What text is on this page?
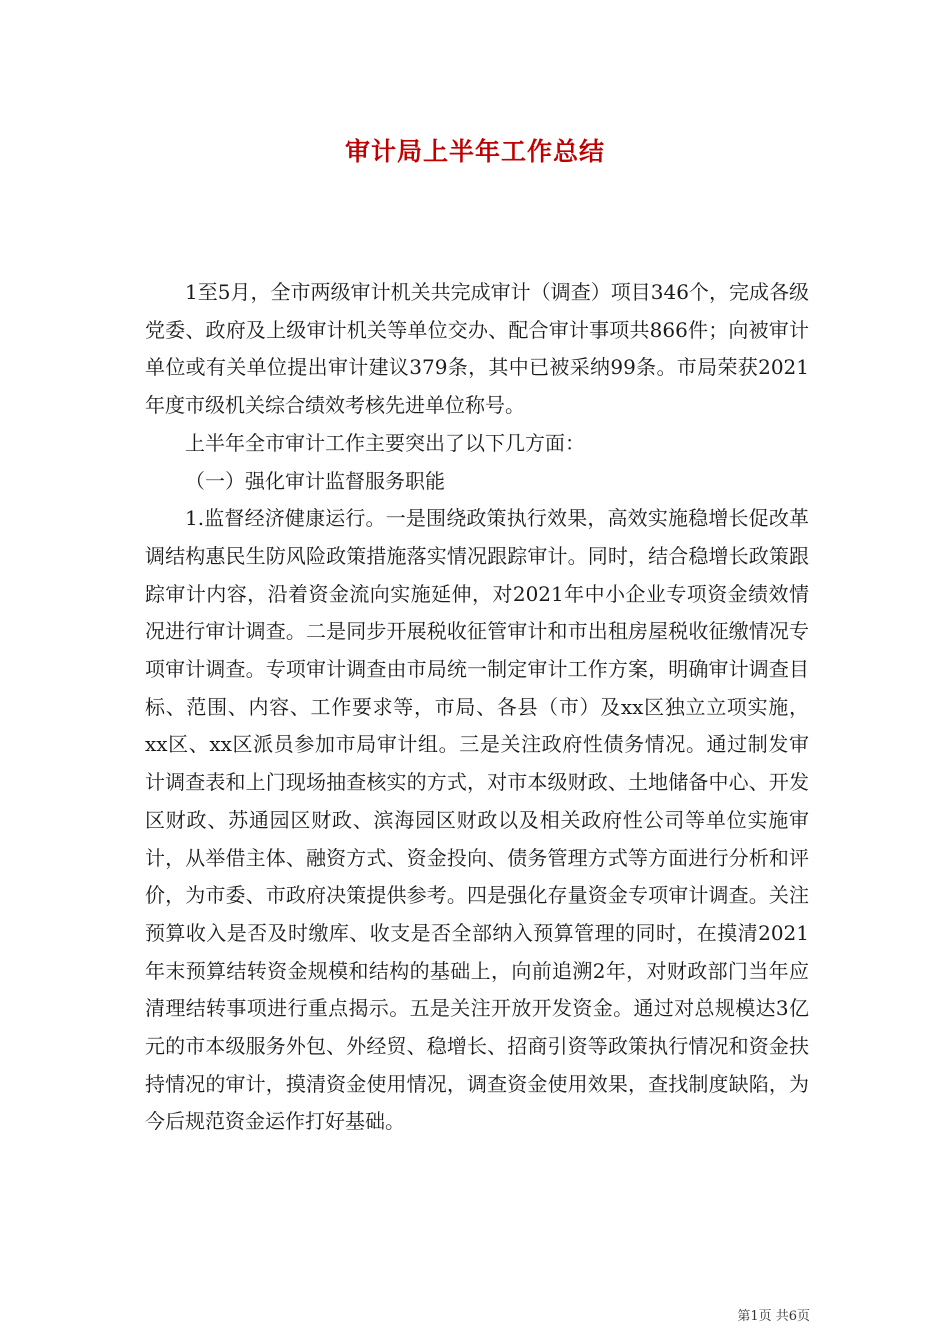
审计局上半年工作总结

1至5月，全市两级审计机关共完成审计（调查）项目346个，完成各级党委、政府及上级审计机关等单位交办、配合审计事项共866件；向被审计单位或有关单位提出审计建议379条，其中已被采纳99条。市局荣获2021年度市级机关综合绩效考核先进单位称号。

上半年全市审计工作主要突出了以下几方面：

（一）强化审计监督服务职能

1.监督经济健康运行。一是围绕政策执行效果，高效实施稳增长促改革调结构惠民生防风险政策措施落实情况跟踪审计。同时，结合稳增长政策跟踪审计内容，沿着资金流向实施延伸，对2021年中小企业专项资金绩效情况进行审计调查。二是同步开展税收征管审计和市出租房屋税收征缴情况专项审计调查。专项审计调查由市局统一制定审计工作方案，明确审计调查目标、范围、内容、工作要求等，市局、各县（市）及xx区独立立项实施，xx区、xx区派员参加市局审计组。三是关注政府性债务情况。通过制发审计调查表和上门现场抽查核实的方式，对市本级财政、土地储备中心、开发区财政、苏通园区财政、滨海园区财政以及相关政府性公司等单位实施审计，从举借主体、融资方式、资金投向、债务管理方式等方面进行分析和评价，为市委、市政府决策提供参考。四是强化存量资金专项审计调查。关注预算收入是否及时缴库、收支是否全部纳入预算管理的同时，在摸清2021年末预算结转资金规模和结构的基础上，向前追溯2年，对财政部门当年应清理结转事项进行重点揭示。五是关注开放开发资金。通过对总规模达3亿元的市本级服务外包、外经贸、稳增长、招商引资等政策执行情况和资金扶持情况的审计，摸清资金使用情况，调查资金使用效果，查找制度缺陷，为今后规范资金运作打好基础。

第1页 共6页
